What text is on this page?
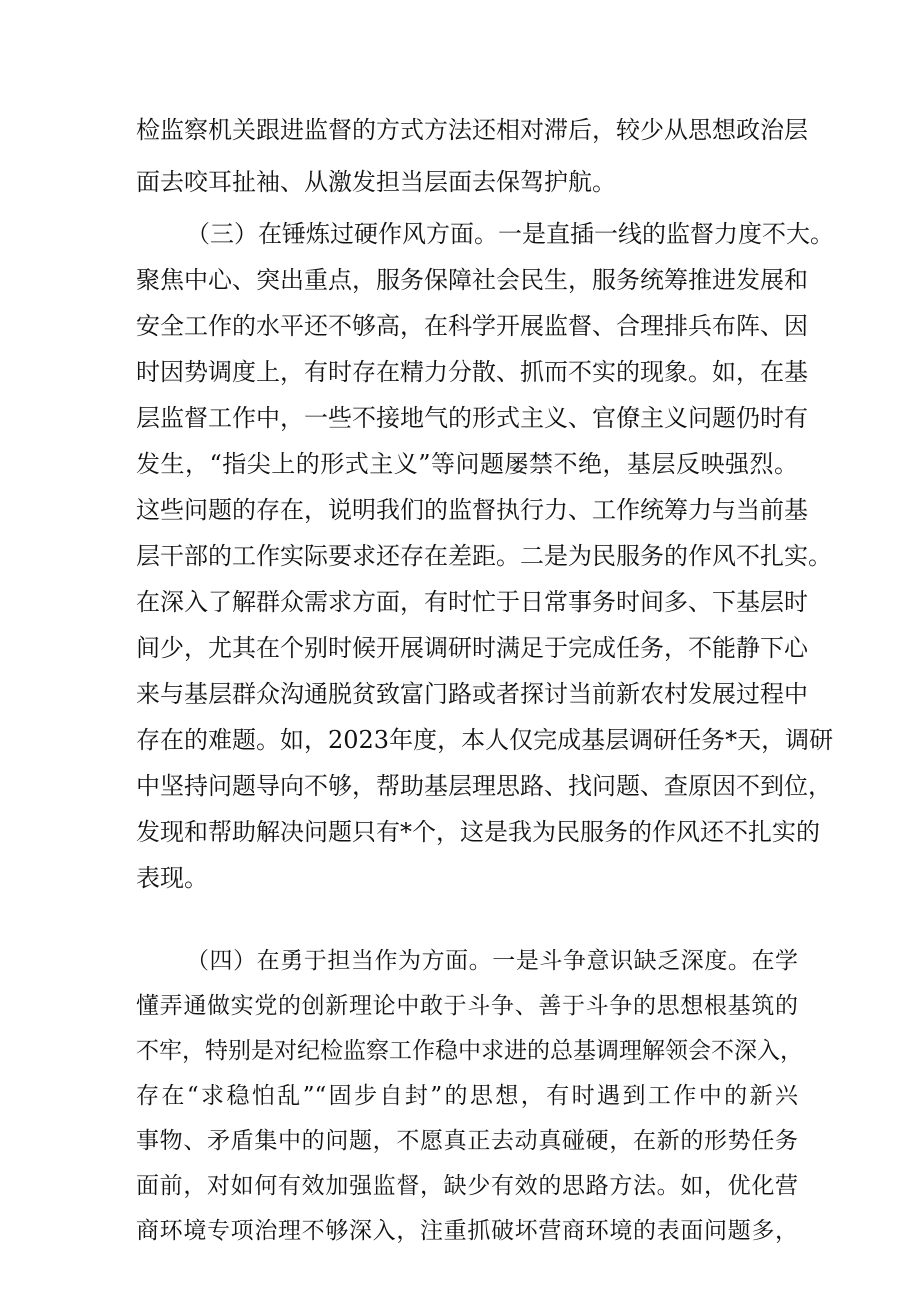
检监察机关跟进监督的方式方法还相对滞后，较少从思想政治层
面去咬耳扯袖、从激发担当层面去保驾护航。
（三）在锤炼过硬作风方面。一是直插一线的监督力度不大。
聚焦中心、突出重点，服务保障社会民生，服务统筹推进发展和
安全工作的水平还不够高，在科学开展监督、合理排兵布阵、因
时因势调度上，有时存在精力分散、抓而不实的现象。如，在基
层监督工作中，一些不接地气的形式主义、官僚主义问题仍时有
发生，“指尖上的形式主义”等问题屡禁不绝，基层反映强烈。
这些问题的存在，说明我们的监督执行力、工作统筹力与当前基
层干部的工作实际要求还存在差距。二是为民服务的作风不扎实。
在深入了解群众需求方面，有时忙于日常事务时间多、下基层时
间少，尤其在个别时候开展调研时满足于完成任务，不能静下心
来与基层群众沟通脱贫致富门路或者探讨当前新农村发展过程中
存在的难题。如，2023年度，本人仅完成基层调研任务*天，调研
中坚持问题导向不够，帮助基层理思路、找问题、查原因不到位，
发现和帮助解决问题只有*个，这是我为民服务的作风还不扎实的
表现。
（四）在勇于担当作为方面。一是斗争意识缺乏深度。在学
懂弄通做实党的创新理论中敢于斗争、善于斗争的思想根基筑的
不牢，特别是对纪检监察工作稳中求进的总基调理解领会不深入，
存在“求稳怕乱”“固步自封”的思想，有时遇到工作中的新兴
事物、矛盾集中的问题，不愿真正去动真碰硬，在新的形势任务
面前，对如何有效加强监督，缺少有效的思路方法。如，优化营
商环境专项治理不够深入，注重抓破坏营商环境的表面问题多，
